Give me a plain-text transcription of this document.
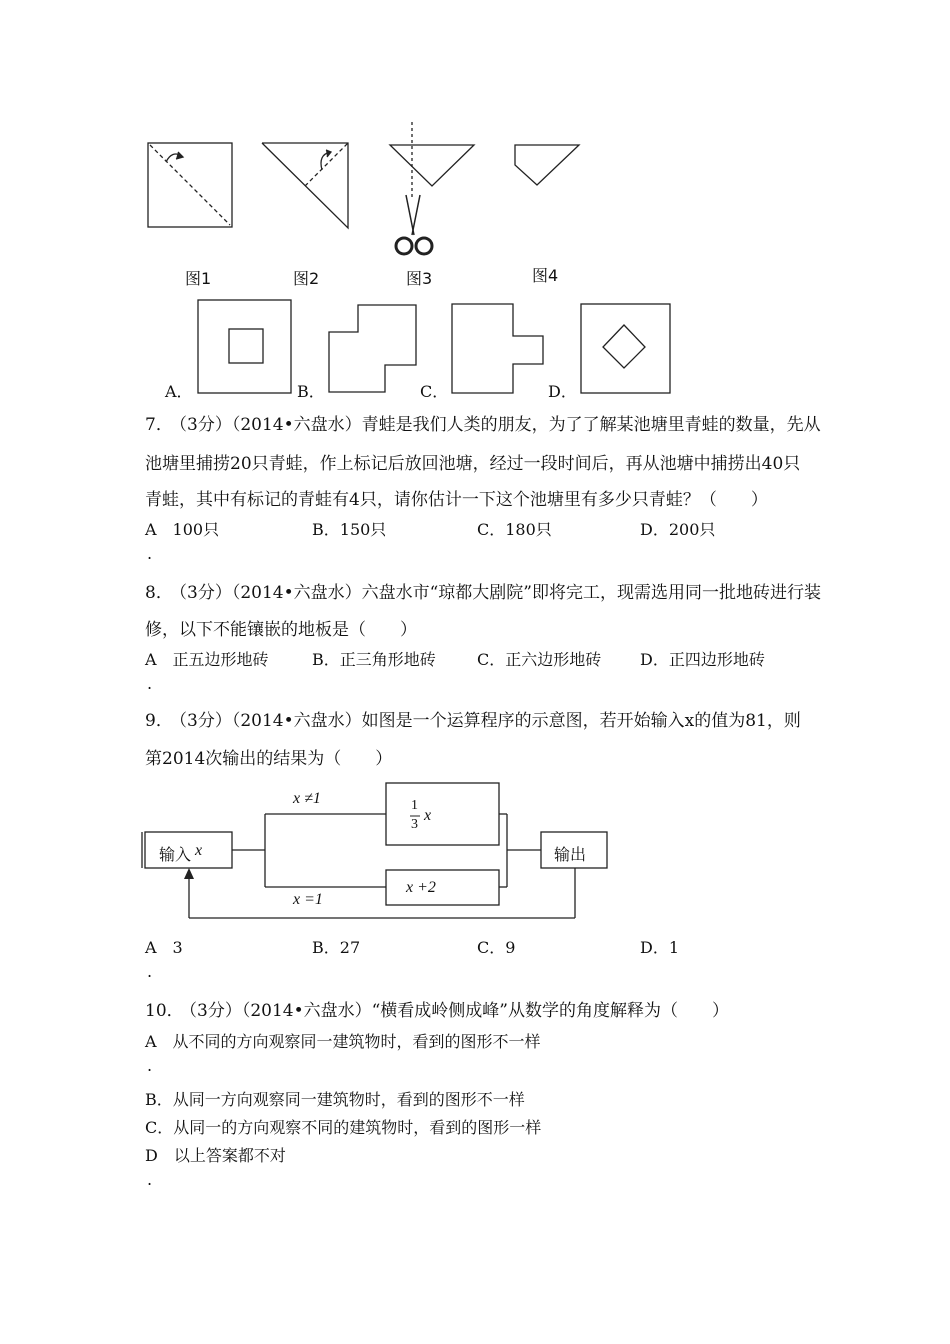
图1	图2	图3	图4
A．	B．	C．	D．
7．
（3分）（2014•六盘水）青蛙是我们人类的朋友，为了了解某池塘里青蛙的数量，先从
池塘里捕捞20只青蛙，作上标记后放回池塘，经过一段时间后，再从池塘中捕捞出40只
青蛙，其中有标记的青蛙有4只，请你估计一下这个池塘里有多少只青蛙？（　　）
A　100只	B．150只	C．180只	D．200只
.
8．
（3分）（2014•六盘水）六盘水市“琼都大剧院”即将完工，现需选用同一批地砖进行装
修，以下不能镶嵌的地板是（　　）
A　正五边形地砖	B．正三角形地砖	C．正六边形地砖 D．正四边形地砖
.
9．
（3分）（2014•六盘水）如图是一个运算程序的示意图，若开始输入x的值为81，则
第2014次输出的结果为（　　）
输入 x	输出
x ≠1
x =1
1
3
x
x +2
A　3	B．27	C．9	D．1
.
10．
（3分）（2014•六盘水）“横看成岭侧成峰”从数学的角度解释为（　　）
A　从不同的方向观察同一建筑物时，看到的图形不一样
.
B．从同一方向观察同一建筑物时，看到的图形不一样
C．从同一的方向观察不同的建筑物时，看到的图形一样
D　以上答案都不对
.
